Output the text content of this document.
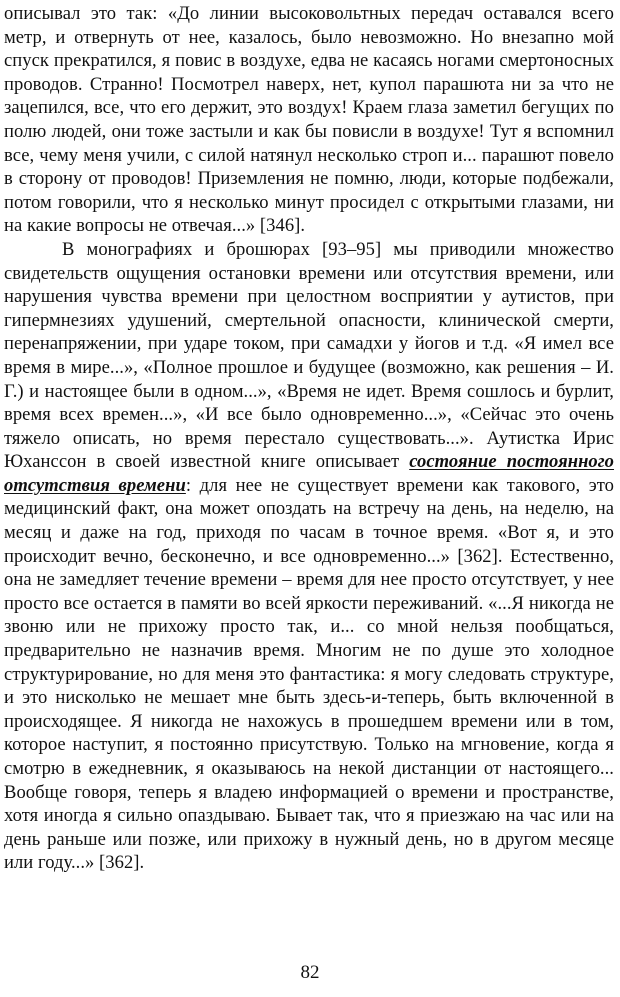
описывал это так: «До линии высоковольтных передач оставался всего метр, и отвернуть от нее, казалось, было невозможно. Но внезапно мой спуск прекратился, я повис в воздухе, едва не касаясь ногами смертоносных проводов. Странно! Посмотрел наверх, нет, купол парашюта ни за что не зацепился, все, что его держит, это воздух! Краем глаза заметил бегущих по полю людей, они тоже застыли и как бы повисли в воздухе! Тут я вспомнил все, чему меня учили, с силой натянул несколько строп и... парашют повело в сторону от проводов! Приземления не помню, люди, которые подбежали, потом говорили, что я несколько минут просидел с открытыми глазами, ни на какие вопросы не отвечая...» [346].

В монографиях и брошюрах [93–95] мы приводили множество свидетельств ощущения остановки времени или отсутствия времени, или нарушения чувства времени при целостном восприятии у аутистов, при гипермнезиях удушений, смертельной опасности, клинической смерти, перенапряжении, при ударе током, при самадхи у йогов и т.д. «Я имел все время в мире...», «Полное прошлое и будущее (возможно, как решения – И. Г.) и настоящее были в одном...», «Время не идет. Время сошлось и бурлит, время всех времен...», «И все было одновременно...», «Сейчас это очень тяжело описать, но время перестало существовать...». Аутистка Ирис Юханссон в своей известной книге описывает состояние постоянного отсутствия времени: для нее не существует времени как такового, это медицинский факт, она может опоздать на встречу на день, на неделю, на месяц и даже на год, приходя по часам в точное время. «Вот я, и это происходит вечно, бесконечно, и все одновременно...» [362]. Естественно, она не замедляет течение времени – время для нее просто отсутствует, у нее просто все остается в памяти во всей яркости переживаний. «...Я никогда не звоню или не прихожу просто так, и... со мной нельзя пообщаться, предварительно не назначив время. Многим не по душе это холодное структурирование, но для меня это фантастика: я могу следовать структуре, и это нисколько не мешает мне быть здесь-и-теперь, быть включенной в происходящее. Я никогда не нахожусь в прошедшем времени или в том, которое наступит, я постоянно присутствую. Только на мгновение, когда я смотрю в ежедневник, я оказываюсь на некой дистанции от настоящего... Вообще говоря, теперь я владею информацией о времени и пространстве, хотя иногда я сильно опаздываю. Бывает так, что я приезжаю на час или на день раньше или позже, или прихожу в нужный день, но в другом месяце или году...» [362].

82
